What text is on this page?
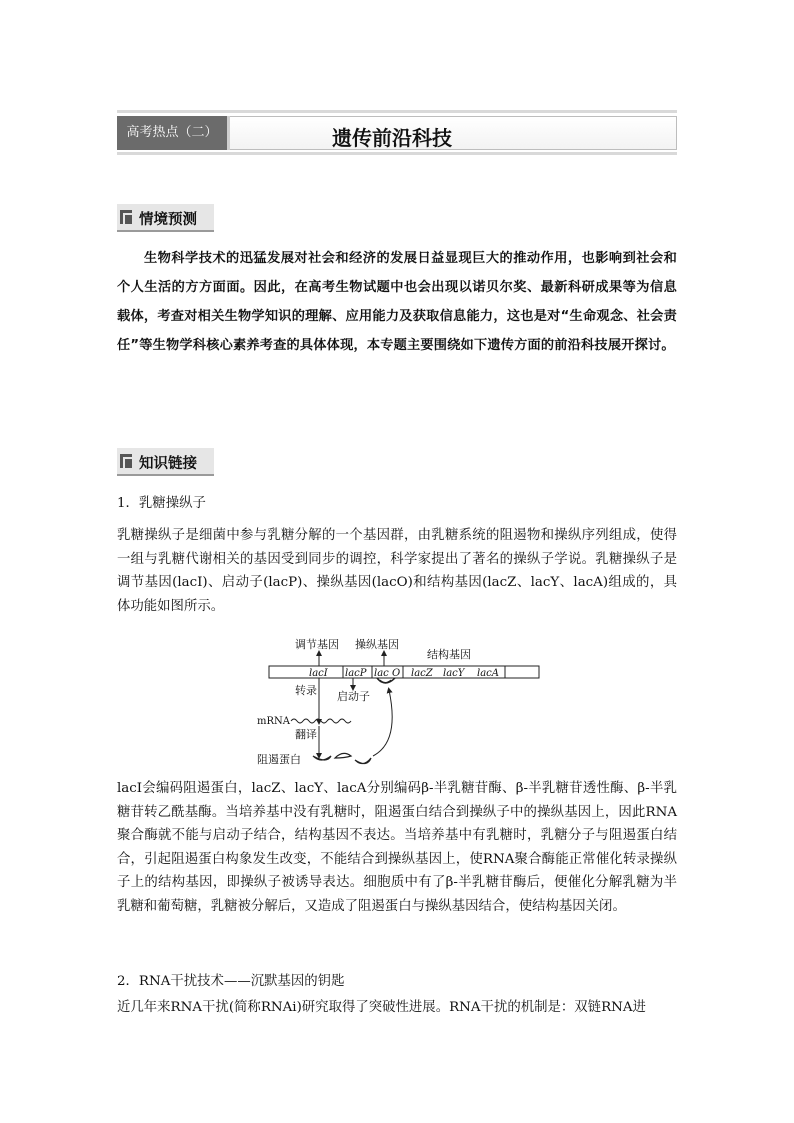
高考热点（二）	遗传前沿科技
情境预测
生物科学技术的迅猛发展对社会和经济的发展日益显现巨大的推动作用，也影响到社会和个人生活的方方面面。因此，在高考生物试题中也会出现以诺贝尔奖、最新科研成果等为信息载体，考查对相关生物学知识的理解、应用能力及获取信息能力，这也是对“生命观念、社会责任”等生物学科核心素养考查的具体体现，本专题主要围绕如下遗传方面的前沿科技展开探讨。
知识链接
1．乳糖操纵子
乳糖操纵子是细菌中参与乳糖分解的一个基因群，由乳糖系统的阻遏物和操纵序列组成，使得一组与乳糖代谢相关的基因受到同步的调控，科学家提出了著名的操纵子学说。乳糖操纵子是调节基因(lacI)、启动子(lacP)、操纵基因(lacO)和结构基因(lacZ、lacY、lacA)组成的，具体功能如图所示。
调节基因 操纵基因
结构基因
lacI lacP lac O lacZ lacY lacA
转录 启动子
mRNA
翻译
阻遏蛋白
lacI会编码阻遏蛋白，lacZ、lacY、lacA分别编码β-半乳糖苷酶、β-半乳糖苷透性酶、β-半乳糖苷转乙酰基酶。当培养基中没有乳糖时，阻遏蛋白结合到操纵子中的操纵基因上，因此RNA聚合酶就不能与启动子结合，结构基因不表达。当培养基中有乳糖时，乳糖分子与阻遏蛋白结合，引起阻遏蛋白构象发生改变，不能结合到操纵基因上，使RNA聚合酶能正常催化转录操纵子上的结构基因，即操纵子被诱导表达。细胞质中有了β-半乳糖苷酶后，便催化分解乳糖为半乳糖和葡萄糖，乳糖被分解后，又造成了阻遏蛋白与操纵基因结合，使结构基因关闭。
2．RNA干扰技术——沉默基因的钥匙
近几年来RNA干扰(简称RNAi)研究取得了突破性进展。RNA干扰的机制是：双链RNA进
